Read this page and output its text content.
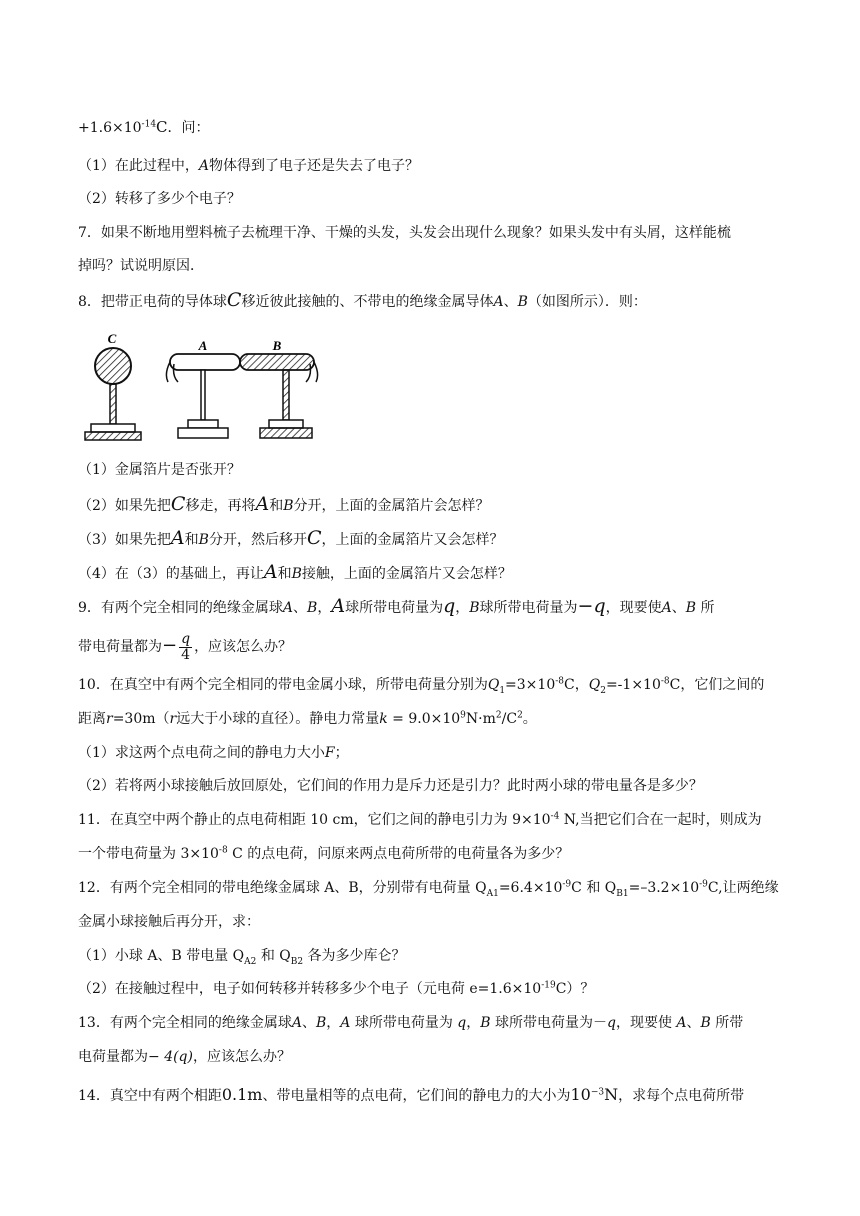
$+1.6\times 10^{-14}C$．问：
（1）在此过程中，A物体得到了电子还是失去了电子？
（2）转移了多少个电子？
7．如果不断地用塑料梳子去梳理干净、干燥的头发，头发会出现什么现象？如果头发中有头屑，这样能梳
掉吗？试说明原因．
8．把带正电荷的导体球C移近彼此接触的、不带电的绝缘金属导体A、B（如图所示）．则：
C	A	B
（1）金属箔片是否张开？
（2）如果先把C移走，再将A和B分开，上面的金属箔片会怎样？
（3）如果先把A和B分开，然后移开C，上面的金属箔片又会怎样？
（4）在（3）的基础上，再让A和B接触，上面的金属箔片又会怎样？
9．有两个完全相同的绝缘金属球A、B，A球所带电荷量为q，B球所带电荷量为−q，现要使A、B 所
带电荷量都为− $\frac{q}{4}$ ，应该怎么办？
10．在真空中有两个完全相同的带电金属小球，所带电荷量分别为$Q_1=3\times 10^{-8}C$，$Q_2=-1\times 10^{-8}C$，它们之间的
距离r=30m（r远大于小球的直径）。静电力常量$k = 9.0\times 10^9N\cdot m^2/C^2$。
（1）求这两个点电荷之间的静电力大小F；
（2）若将两小球接触后放回原处，它们间的作用力是斥力还是引力？此时两小球的带电量各是多少？
11．在真空中两个静止的点电荷相距 10 cm，它们之间的静电引力为 $9\times 10^{-4}$ N,当把它们合在一起时，则成为
一个带电荷量为 $3\times 10^{-8}$ C 的点电荷，问原来两点电荷所带的电荷量各为多少？
12．有两个完全相同的带电绝缘金属球 A、B，分别带有电荷量 $Q_{A1}=6.4\times 10^{-9}C$ 和 $Q_{B1}=-3.2\times 10^{-9}C$,让两绝缘
金属小球接触后再分开，求：
（1）小球 A、B 带电量 $Q_{A2}$ 和 $Q_{B2}$ 各为多少库仑？
（2）在接触过程中，电子如何转移并转移多少个电子（元电荷 $e=1.6\times 10^{-19}C$）？
13．有两个完全相同的绝缘金属球A、B，A 球所带电荷量为 q，B 球所带电荷量为－q，现要使 A、B 所带
电荷量都为− 4(q)，应该怎么办？
14．真空中有两个相距0.1m、带电量相等的点电荷，它们间的静电力的大小为$10^{-3}N$，求每个点电荷所带
